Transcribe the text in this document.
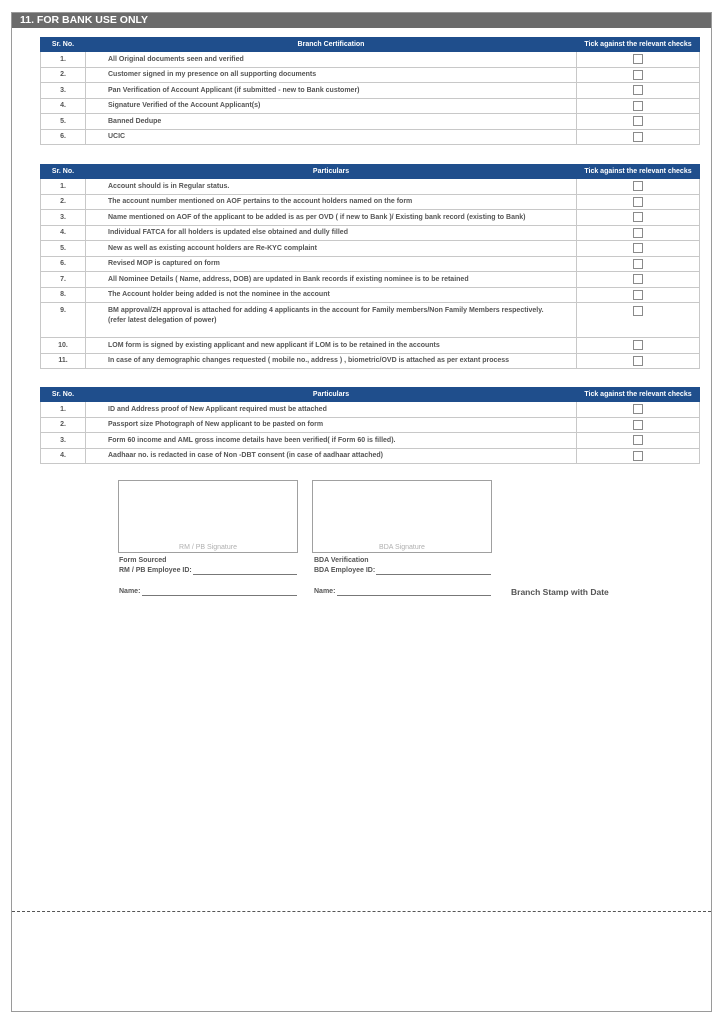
11. FOR BANK USE ONLY
Sr. No.	Branch Certification	Tick against the relevant checks
1.	All Original documents seen and verified	
2.	Customer signed in my presence on all supporting documents	
3.	Pan Verification of Account Applicant (if submitted - new to Bank customer)	
4.	Signature Verified of the Account Applicant(s)	
5.	Banned Dedupe	
6.	UCIC	
Sr. No.	Particulars	Tick against the relevant checks
1.	Account should is in Regular status.	
2.	The account number mentioned on AOF pertains to the account holders named on the form	
3.	Name mentioned on AOF of the applicant to be added is as per OVD ( if new to Bank )/ Existing bank record (existing to Bank)	
4.	Individual FATCA for all holders is updated else obtained and dully filled	
5.	New as well as existing account holders are Re-KYC complaint	
6.	Revised MOP is captured on form	
7.	All Nominee Details ( Name, address, DOB) are updated in Bank records if existing nominee is to be retained	
8.	The Account holder being added is not the nominee in the account	
9.	BM approval/ZH approval is attached for adding 4 applicants in the account for Family members/Non Family Members respectively.
(refer latest delegation of power)	

10.	LOM form is signed by existing applicant and new applicant if LOM is to be retained in the accounts	
11.	In case of any demographic changes requested ( mobile no., address ) , biometric/OVD is attached as per extant process	
Sr. No.	Particulars	Tick against the relevant checks
1.	ID and Address proof of New Applicant required must be attached	
2.	Passport size Photograph of New applicant to be pasted on form	
3.	Form 60 income and AML gross income details have been verified( if Form 60 is filled).	
4.	Aadhaar no. is redacted in case of Non -DBT consent (in case of aadhaar attached)	
RM / PB Signature	BDA Signature
Form Sourced
RM / PB Employee ID:
BDA Verification
BDA Employee ID:
Name:	Name:	Branch Stamp with Date
